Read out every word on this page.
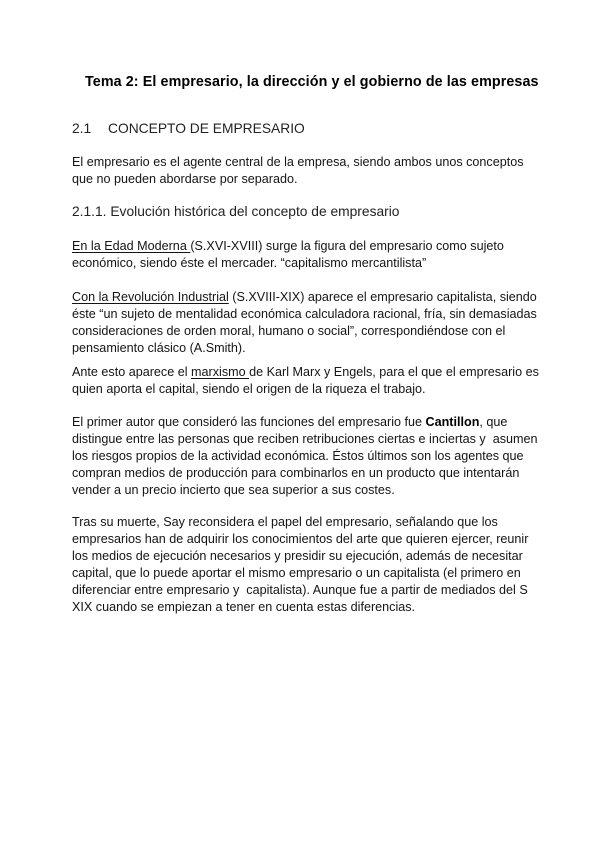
Tema 2: El empresario, la dirección y el gobierno de las empresas
2.1 CONCEPTO DE EMPRESARIO
El empresario es el agente central de la empresa, siendo ambos unos conceptos
que no pueden abordarse por separado.
2.1.1. Evolución histórica del concepto de empresario
En la Edad Moderna (S.XVI-XVIII) surge la figura del empresario como sujeto
económico, siendo éste el mercader. “capitalismo mercantilista”
Con la Revolución Industrial (S.XVIII-XIX) aparece el empresario capitalista, siendo
éste “un sujeto de mentalidad económica calculadora racional, fría, sin demasiadas
consideraciones de orden moral, humano o social”, correspondiéndose con el
pensamiento clásico (A.Smith).
Ante esto aparece el marxismo de Karl Marx y Engels, para el que el empresario es
quien aporta el capital, siendo el origen de la riqueza el trabajo.
El primer autor que consideró las funciones del empresario fue Cantillon, que
distingue entre las personas que reciben retribuciones ciertas e inciertas y  asumen
los riesgos propios de la actividad económica. Éstos últimos son los agentes que
compran medios de producción para combinarlos en un producto que intentarán
vender a un precio incierto que sea superior a sus costes.
Tras su muerte, Say reconsidera el papel del empresario, señalando que los
empresarios han de adquirir los conocimientos del arte que quieren ejercer, reunir
los medios de ejecución necesarios y presidir su ejecución, además de necesitar
capital, que lo puede aportar el mismo empresario o un capitalista (el primero en
diferenciar entre empresario y  capitalista). Aunque fue a partir de mediados del S
XIX cuando se empiezan a tener en cuenta estas diferencias.
